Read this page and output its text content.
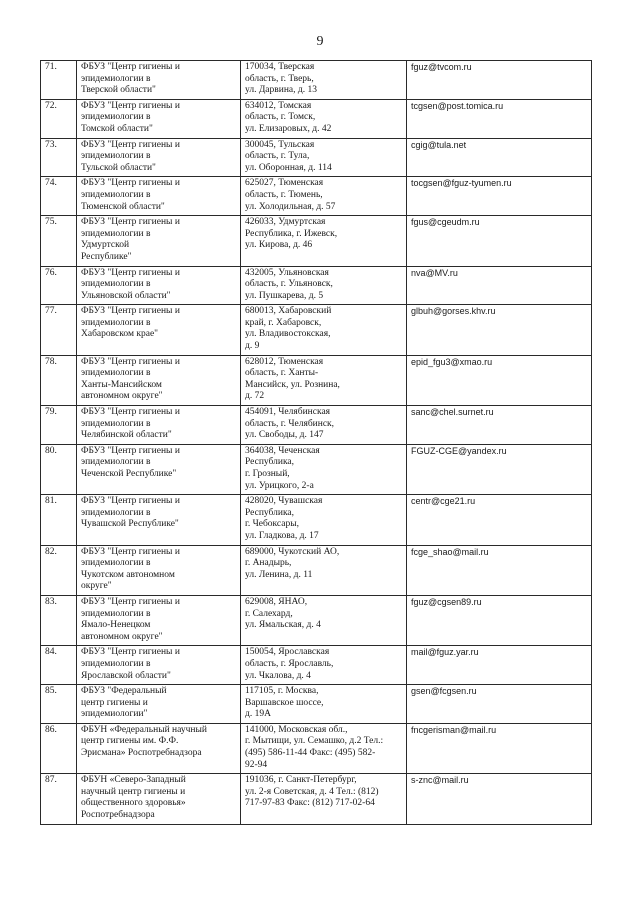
9
71.	ФБУЗ "Центр гигиены и
эпидемиологии в
Тверской области"	170034, Тверская
область, г. Тверь,
ул. Дарвина, д. 13	fguz@tvcom.ru
72.	ФБУЗ "Центр гигиены и
эпидемиологии в
Томской области"	634012, Томская
область, г. Томск,
ул. Елизаровых, д. 42	tcgsen@post.tomica.ru
73.	ФБУЗ "Центр гигиены и
эпидемиологии в
Тульской области"	300045, Тульская
область, г. Тула,
ул. Оборонная, д. 114	cgig@tula.net
74.	ФБУЗ "Центр гигиены и
эпидемиологии в
Тюменской области"	625027, Тюменская
область, г. Тюмень,
ул. Холодильная, д. 57	tocgsen@fguz-tyumen.ru
75.	ФБУЗ "Центр гигиены и
эпидемиологии в
Удмуртской
Республике"	426033, Удмуртская
Республика, г. Ижевск,
ул. Кирова, д. 46	fgus@cgeudm.ru
76.	ФБУЗ "Центр гигиены и
эпидемиологии в
Ульяновской области"	432005, Ульяновская
область, г. Ульяновск,
ул. Пушкарева, д. 5	nva@MV.ru
77.	ФБУЗ "Центр гигиены и
эпидемиологии в
Хабаровском крае"	680013, Хабаровский
край, г. Хабаровск,
ул. Владивостокская,
д. 9	glbuh@gorses.khv.ru
78.	ФБУЗ "Центр гигиены и
эпидемиологии в
Ханты-Мансийском
автономном округе"	628012, Тюменская
область, г. Ханты-
Мансийск, ул. Рознина,
д. 72	epid_fgu3@xmao.ru
79.	ФБУЗ "Центр гигиены и
эпидемиологии в
Челябинской области"	454091, Челябинская
область, г. Челябинск,
ул. Свободы, д. 147	sanc@chel.surnet.ru
80.	ФБУЗ "Центр гигиены и
эпидемиологии в
Чеченской Республике"	364038, Чеченская
Республика,
г. Грозный,
ул. Урицкого, 2-а	FGUZ-CGE@yandex.ru
81.	ФБУЗ "Центр гигиены и
эпидемиологии в
Чувашской Республике"	428020, Чувашская
Республика,
г. Чебоксары,
ул. Гладкова, д. 17	centr@cge21.ru
82.	ФБУЗ "Центр гигиены и
эпидемиологии в
Чукотском автономном
округе"	689000, Чукотский АО,
г. Анадырь,
ул. Ленина, д. 11	fcge_shao@mail.ru
83.	ФБУЗ "Центр гигиены и
эпидемиологии в
Ямало-Ненецком
автономном округе"	629008, ЯНАО,
г. Салехард,
ул. Ямальская, д. 4	fguz@cgsen89.ru
84.	ФБУЗ "Центр гигиены и
эпидемиологии в
Ярославской области"	150054, Ярославская
область, г. Ярославль,
ул. Чкалова, д. 4	mail@fguz.yar.ru
85.	ФБУЗ "Федеральный
центр гигиены и
эпидемиологии"	117105, г. Москва,
Варшавское шоссе,
д. 19А	gsen@fcgsen.ru
86.	ФБУН «Федеральный научный
центр гигиены им. Ф.Ф.
Эрисмана» Роспотребнадзора	141000, Московская обл.,
г. Мытищи, ул. Семашко, д.2 Тел.:
(495) 586-11-44 Факс: (495) 582-
92-94	fncgerisman@mail.ru
87.	ФБУН «Северо-Западный
научный центр гигиены и
общественного здоровья»
Роспотребнадзора	191036, г. Санкт-Петербург,
ул. 2-я Советская, д. 4 Тел.: (812)
717-97-83 Факс: (812) 717-02-64	s-znc@mail.ru
